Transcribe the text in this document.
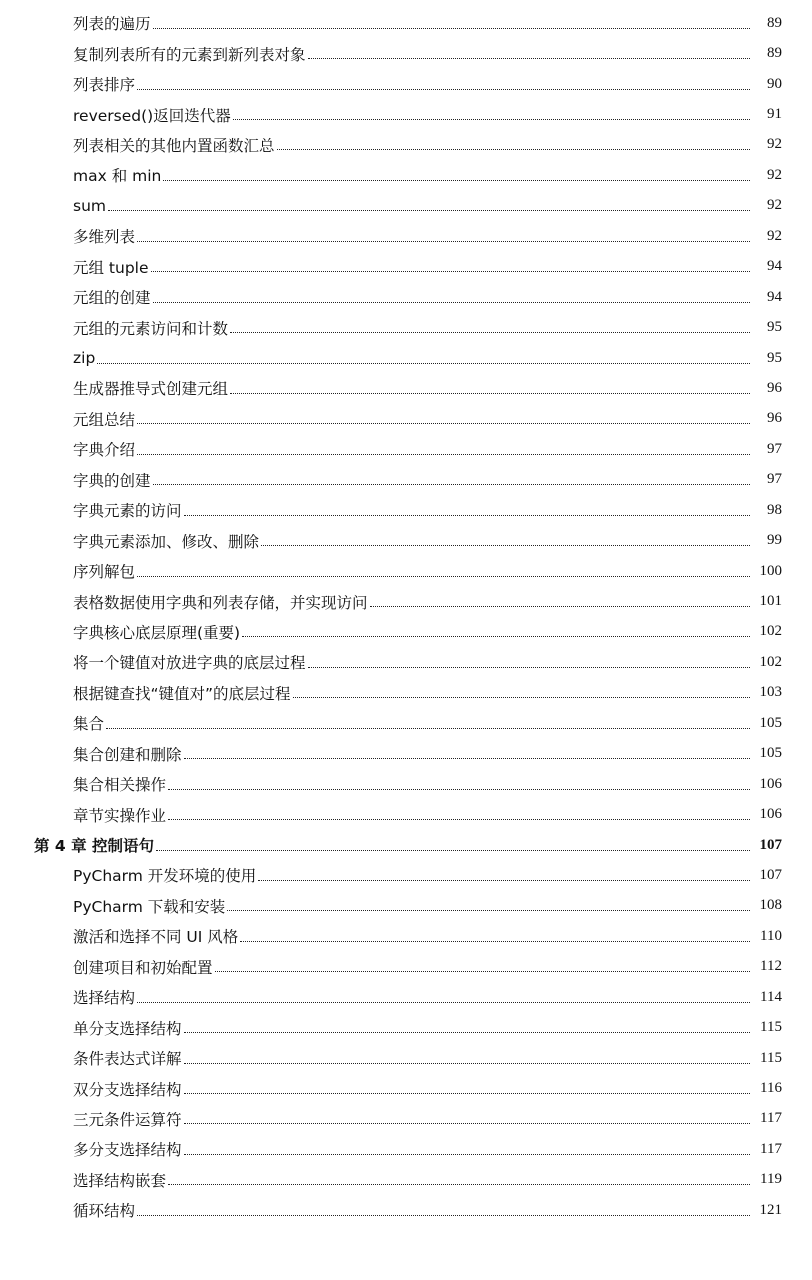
列表的遍历	89
复制列表所有的元素到新列表对象	89
列表排序	90
reversed()返回迭代器	91
列表相关的其他内置函数汇总	92
max 和 min	92
sum	92
多维列表	92
元组 tuple	94
元组的创建	94
元组的元素访问和计数	95
zip	95
生成器推导式创建元组	96
元组总结	96
字典介绍	97
字典的创建	97
字典元素的访问	98
字典元素添加、修改、删除	99
序列解包	100
表格数据使用字典和列表存储，并实现访问	101
字典核心底层原理(重要)	102
将一个键值对放进字典的底层过程	102
根据键查找“键值对”的底层过程	103
集合	105
集合创建和删除	105
集合相关操作	106
章节实操作业	106
第 4 章 控制语句	107
PyCharm 开发环境的使用	107
PyCharm 下载和安装	108
激活和选择不同 UI 风格	110
创建项目和初始配置	112
选择结构	114
单分支选择结构	115
条件表达式详解	115
双分支选择结构	116
三元条件运算符	117
多分支选择结构	117
选择结构嵌套	119
循环结构	121
